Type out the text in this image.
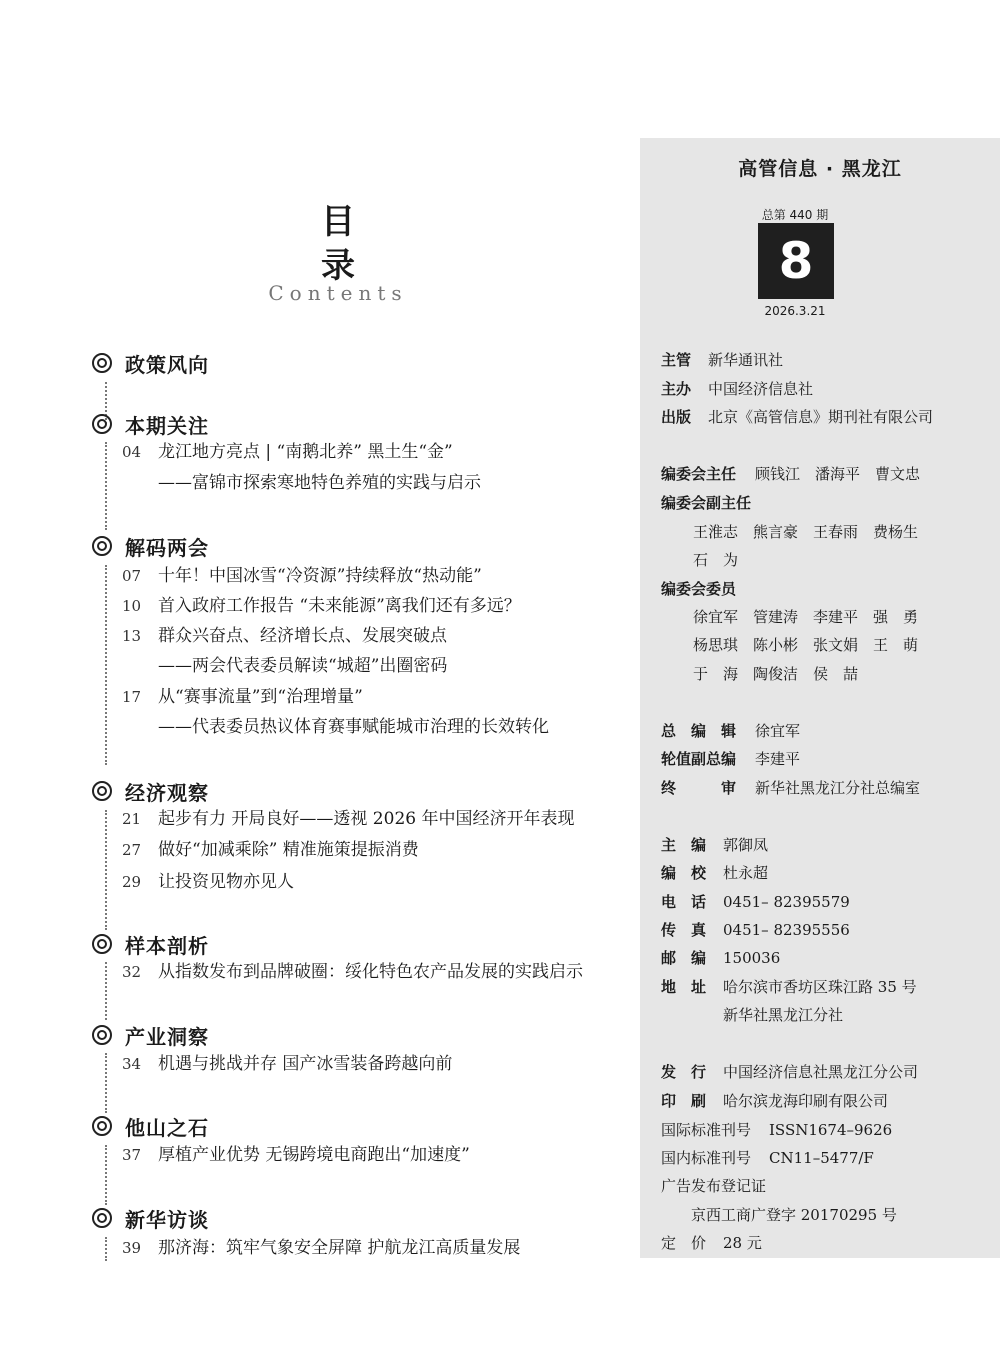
目 录
Contents
政策风向
本期关注
04 龙江地方亮点 | “南鹅北养” 黑土生“金”
——富锦市探索寒地特色养殖的实践与启示
解码两会
07 十年！中国冰雪“冷资源”持续释放“热动能”
10 首入政府工作报告 “未来能源”离我们还有多远？
13 群众兴奋点、经济增长点、发展突破点
——两会代表委员解读“城超”出圈密码
17 从“赛事流量”到“治理增量”
——代表委员热议体育赛事赋能城市治理的长效转化
经济观察
21 起步有力 开局良好——透视 2026 年中国经济开年表现
27 做好“加减乘除” 精准施策提振消费
29 让投资见物亦见人
样本剖析
32 从指数发布到品牌破圈：绥化特色农产品发展的实践启示
产业洞察
34 机遇与挑战并存 国产冰雪装备跨越向前
他山之石
37 厚植产业优势 无锡跨境电商跑出“加速度”
新华访谈
39 那济海：筑牢气象安全屏障 护航龙江高质量发展
高管信息 · 黑龙江
总第 440 期
8
2026.3.21
主管 新华通讯社
主办 中国经济信息社
出版 北京《高管信息》期刊社有限公司
编委会主任 顾钱江　潘海平　曹文忠
编委会副主任
王淮志　熊言豪　王春雨　费杨生
石　为
编委会委员
徐宜军　管建涛　李建平　强　勇
杨思琪　陈小彬　张文娟　王　萌
于　海　陶俊洁　侯　喆
总　编　辑 徐宜军
轮值副总编 李建平
终　　　审 新华社黑龙江分社总编室
主　编 郭御凤
编　校 杜永超
电　话 0451– 82395579
传　真 0451– 82395556
邮　编 150036
地　址 哈尔滨市香坊区珠江路 35 号
新华社黑龙江分社
发　行 中国经济信息社黑龙江分公司
印　刷 哈尔滨龙海印刷有限公司
国际标准刊号 ISSN1674–9626
国内标准刊号 CN11–5477/F
广告发布登记证
京西工商广登字 20170295 号
定　价 28 元
